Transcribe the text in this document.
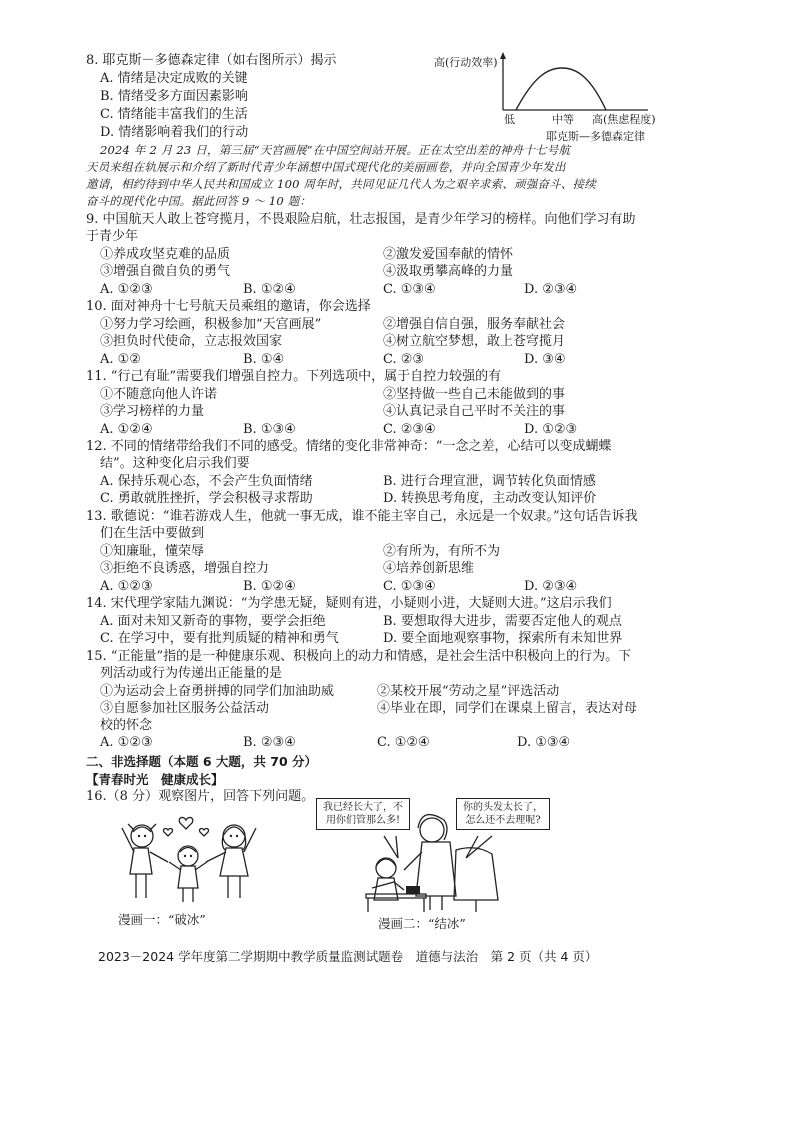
8. 耶克斯－多德森定律（如右图所示）揭示
A. 情绪是决定成败的关键
B. 情绪受多方面因素影响
C. 情绪能丰富我们的生活
D. 情绪影响着我们的行动
高(行动效率)
低	中等 高(焦虑程度)
耶克斯—多德森定律
2024 年 2 月 23 日，第三届“天宫画展”在中国空间站开展。正在太空出差的神舟十七号航
天员来组在轨展示和介绍了新时代青少年涵想中国式现代化的美丽画卷，并向全国青少年发出
邀请，相约待到中华人民共和国成立 100 周年时，共同见证几代人为之艰辛求索、顽强奋斗、接续
奋斗的现代化中国。据此回答 9 ～ 10 题：
9. 中国航天人敢上苍穹揽月，不畏艰险启航，壮志报国，是青少年学习的榜样。向他们学习有助
于青少年
①养成攻坚克难的品质	②激发爱国奉献的情怀
③增强自微自负的勇气	④汲取勇攀高峰的力量
A. ①②③	B. ①②④	C. ①③④	D. ②③④
10. 面对神舟十七号航天员乘组的邀请，你会选择
①努力学习绘画，积极参加“天宫画展”	②增强自信自强，服务奉献社会
③担负时代使命，立志报效国家	④树立航空梦想，敢上苍穹揽月
A. ①②	B. ①④	C. ②③	D. ③④
11. “行己有耻”需要我们增强自控力。下列选项中，属于自控力较强的有
①不随意向他人许诺	②坚持做一些自己未能做到的事
③学习榜样的力量	④认真记录自己平时不关注的事
A. ①②④	B. ①③④	C. ②③④	D. ①②③
12. 不同的情绪带给我们不同的感受。情绪的变化非常神奇：“一念之差，心结可以变成蝴蝶
结”。这种变化启示我们要
A. 保持乐观心态，不会产生负面情绪	B. 进行合理宣泄，调节转化负面情感
C. 勇敢就胜挫折，学会积极寻求帮助	D. 转换思考角度，主动改变认知评价
13. 歌德说：“谁若游戏人生，他就一事无成，谁不能主宰自己，永远是一个奴隶。”这句话告诉我
们在生活中要做到
①知廉耻，懂荣辱	②有所为，有所不为
③拒绝不良诱惑，增强自控力	④培养创新思维
A. ①②③	B. ①②④	C. ①③④	D. ②③④
14. 宋代理学家陆九渊说：“为学患无疑，疑则有进，小疑则小进，大疑则大进。”这启示我们
A. 面对未知又新奇的事物，要学会拒绝	B. 要想取得大进步，需要否定他人的观点
C. 在学习中，要有批判质疑的精神和勇气	D. 要全面地观察事物，探索所有未知世界
15. “正能量”指的是一种健康乐观、积极向上的动力和情感，是社会生活中积极向上的行为。下
列活动或行为传递出正能量的是
①为运动会上奋勇拼搏的同学们加油助威	②某校开展“劳动之星”评选活动
③自愿参加社区服务公益活动	④毕业在即，同学们在课桌上留言，表达对母
校的怀念
A. ①②③	B. ②③④	C. ①②④	D. ①③④
二、非选择题（本题 6 大题，共 70 分）
【青春时光　健康成长】
16.（8 分）观察图片，回答下列问题。
漫画一：“破冰”
我已经长大了，不用你们管那么多!
你的头发太长了，怎么还不去理呢?
漫画二：“结冰”
2023－2024 学年度第二学期期中教学质量监测试题卷　道德与法治　第 2 页（共 4 页）
